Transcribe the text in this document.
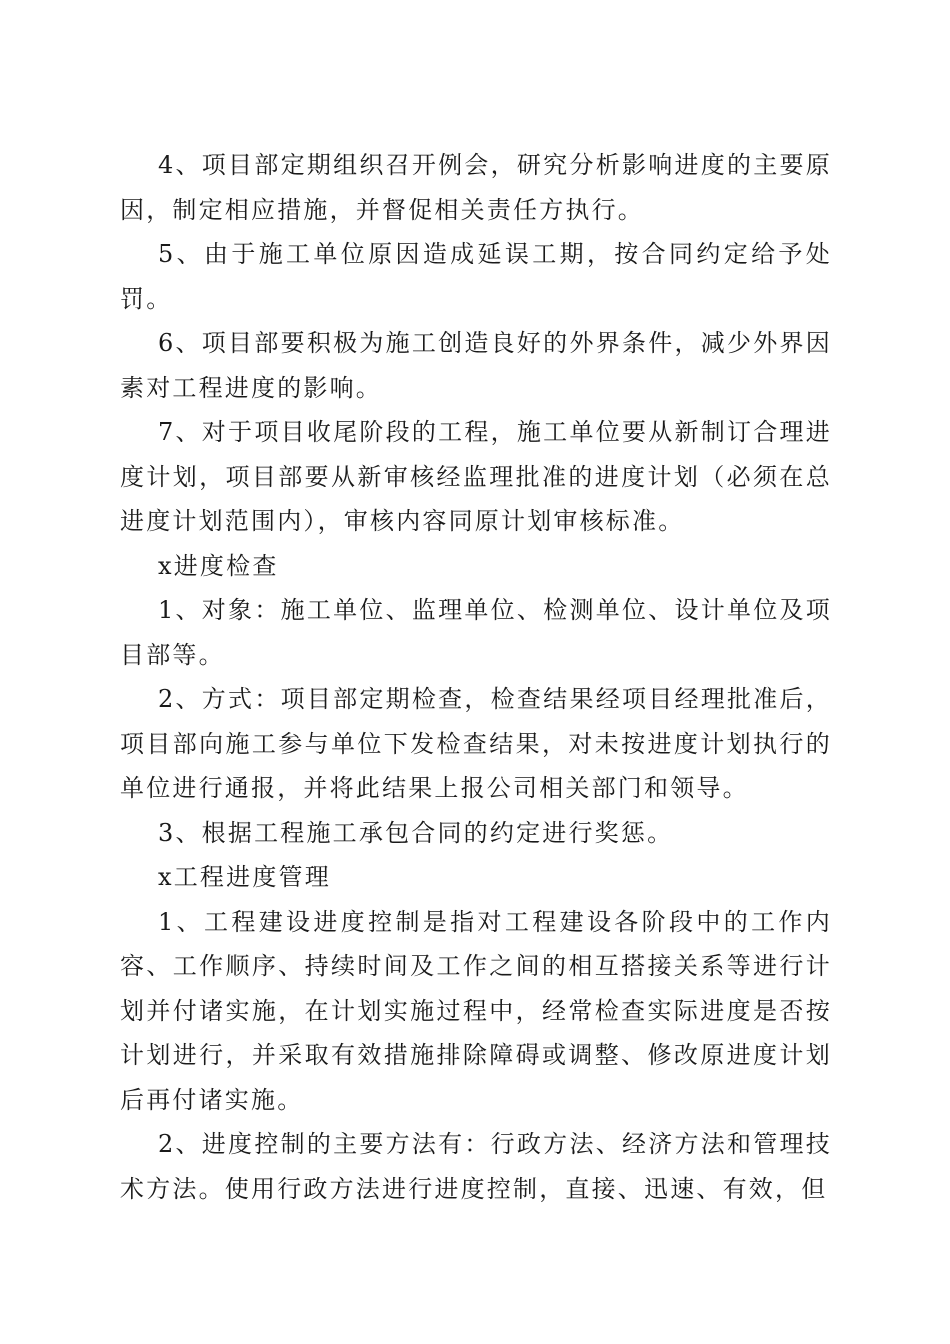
4、项目部定期组织召开例会，研究分析影响进度的主要原因，制定相应措施，并督促相关责任方执行。

5、由于施工单位原因造成延误工期，按合同约定给予处罚。

6、项目部要积极为施工创造良好的外界条件，减少外界因素对工程进度的影响。

7、对于项目收尾阶段的工程，施工单位要从新制订合理进度计划，项目部要从新审核经监理批准的进度计划（必须在总进度计划范围内），审核内容同原计划审核标准。

x进度检查

1、对象：施工单位、监理单位、检测单位、设计单位及项目部等。

2、方式：项目部定期检查，检查结果经项目经理批准后，项目部向施工参与单位下发检查结果，对未按进度计划执行的单位进行通报，并将此结果上报公司相关部门和领导。

3、根据工程施工承包合同的约定进行奖惩。

x工程进度管理

1、工程建设进度控制是指对工程建设各阶段中的工作内容、工作顺序、持续时间及工作之间的相互搭接关系等进行计划并付诸实施，在计划实施过程中，经常检查实际进度是否按计划进行，并采取有效措施排除障碍或调整、修改原进度计划后再付诸实施。

2、进度控制的主要方法有：行政方法、经济方法和管理技术方法。使用行政方法进行进度控制，直接、迅速、有效，但
